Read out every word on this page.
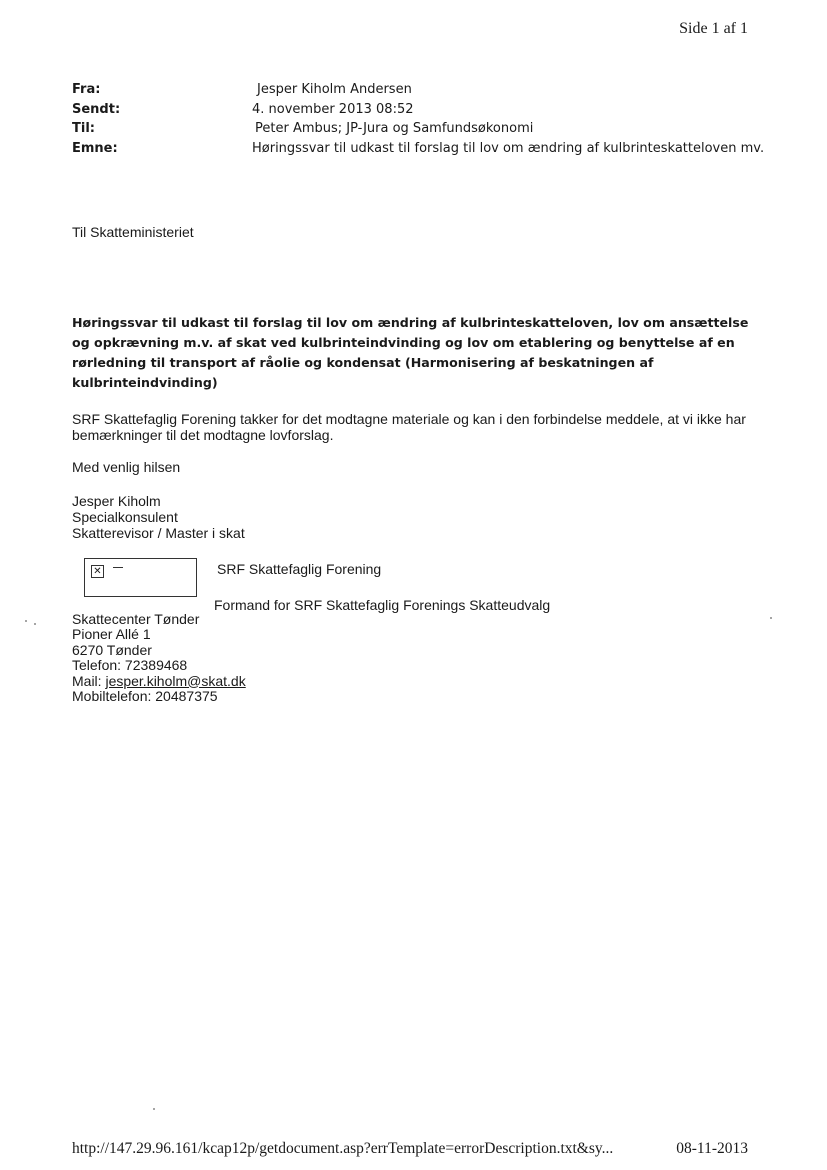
Side 1 af 1
Fra:	Jesper Kiholm Andersen
Sendt:	4. november 2013 08:52
Til:	Peter Ambus; JP-Jura og Samfundsøkonomi
Emne:	Høringssvar til udkast til forslag til lov om ændring af kulbrinteskatteloven mv.
Til Skatteministeriet

Høringssvar til udkast til forslag til lov om ændring af kulbrinteskatteloven, lov om ansættelse og opkrævning m.v. af skat ved kulbrinteindvinding og lov om etablering og benyttelse af en rørledning til transport af råolie og kondensat (Harmonisering af beskatningen af kulbrinteindvinding)

SRF Skattefaglig Forening takker for det modtagne materiale og kan i den forbindelse meddele, at vi ikke har bemærkninger til det modtagne lovforslag.

Med venlig hilsen
Jesper Kiholm
Specialkonsulent
Skatterevisor / Master i skat
✕	SRF Skattefaglig Forening
Formand for SRF Skattefaglig Forenings Skatteudvalg
Skattecenter Tønder
Pioner Allé 1
6270 Tønder
Telefon: 72389468
Mail: jesper.kiholm@skat.dk
Mobiltelefon: 20487375
http://147.29.96.161/kcap12p/getdocument.asp?errTemplate=errorDescription.txt&sy...	08-11-2013
